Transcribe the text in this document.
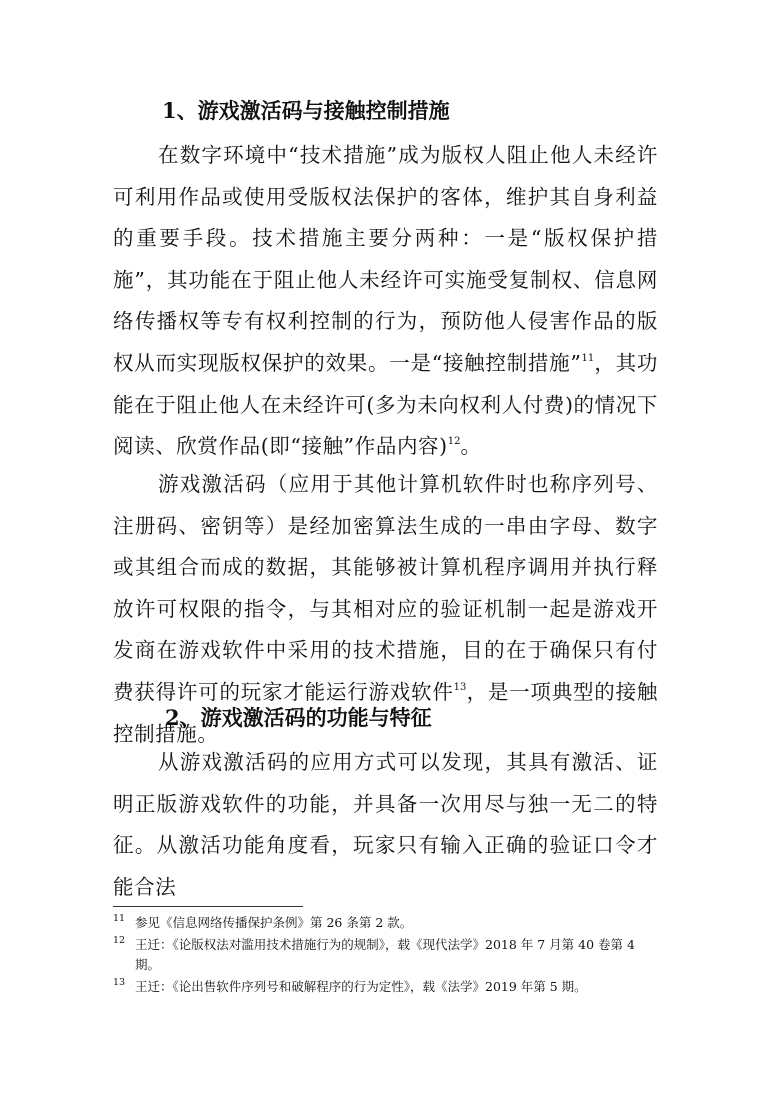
1、游戏激活码与接触控制措施

在数字环境中“技术措施”成为版权人阻止他人未经许可利用作品或使用受版权法保护的客体，维护其自身利益的重要手段。技术措施主要分两种：一是“版权保护措施”，其功能在于阻止他人未经许可实施受复制权、信息网络传播权等专有权利控制的行为，预防他人侵害作品的版权从而实现版权保护的效果。一是“接触控制措施”$^{11}$，其功能在于阻止他人在未经许可(多为未向权利人付费)的情况下阅读、欣赏作品(即“接触”作品内容)$^{12}$。

游戏激活码（应用于其他计算机软件时也称序列号、注册码、密钥等）是经加密算法生成的一串由字母、数字或其组合而成的数据，其能够被计算机程序调用并执行释放许可权限的指令，与其相对应的验证机制一起是游戏开发商在游戏软件中采用的技术措施，目的在于确保只有付费获得许可的玩家才能运行游戏软件$^{13}$，是一项典型的接触控制措施。

2、游戏激活码的功能与特征

从游戏激活码的应用方式可以发现，其具有激活、证明正版游戏软件的功能，并具备一次用尽与独一无二的特征。从激活功能角度看，玩家只有输入正确的验证口令才能合法

11 参见《信息网络传播保护条例》第 26 条第 2 款。
12 王迁：《论版权法对滥用技术措施行为的规制》，载《现代法学》2018 年 7 月第 40 卷第 4 期。
13 王迁：《论出售软件序列号和破解程序的行为定性》，载《法学》2019 年第 5 期。
